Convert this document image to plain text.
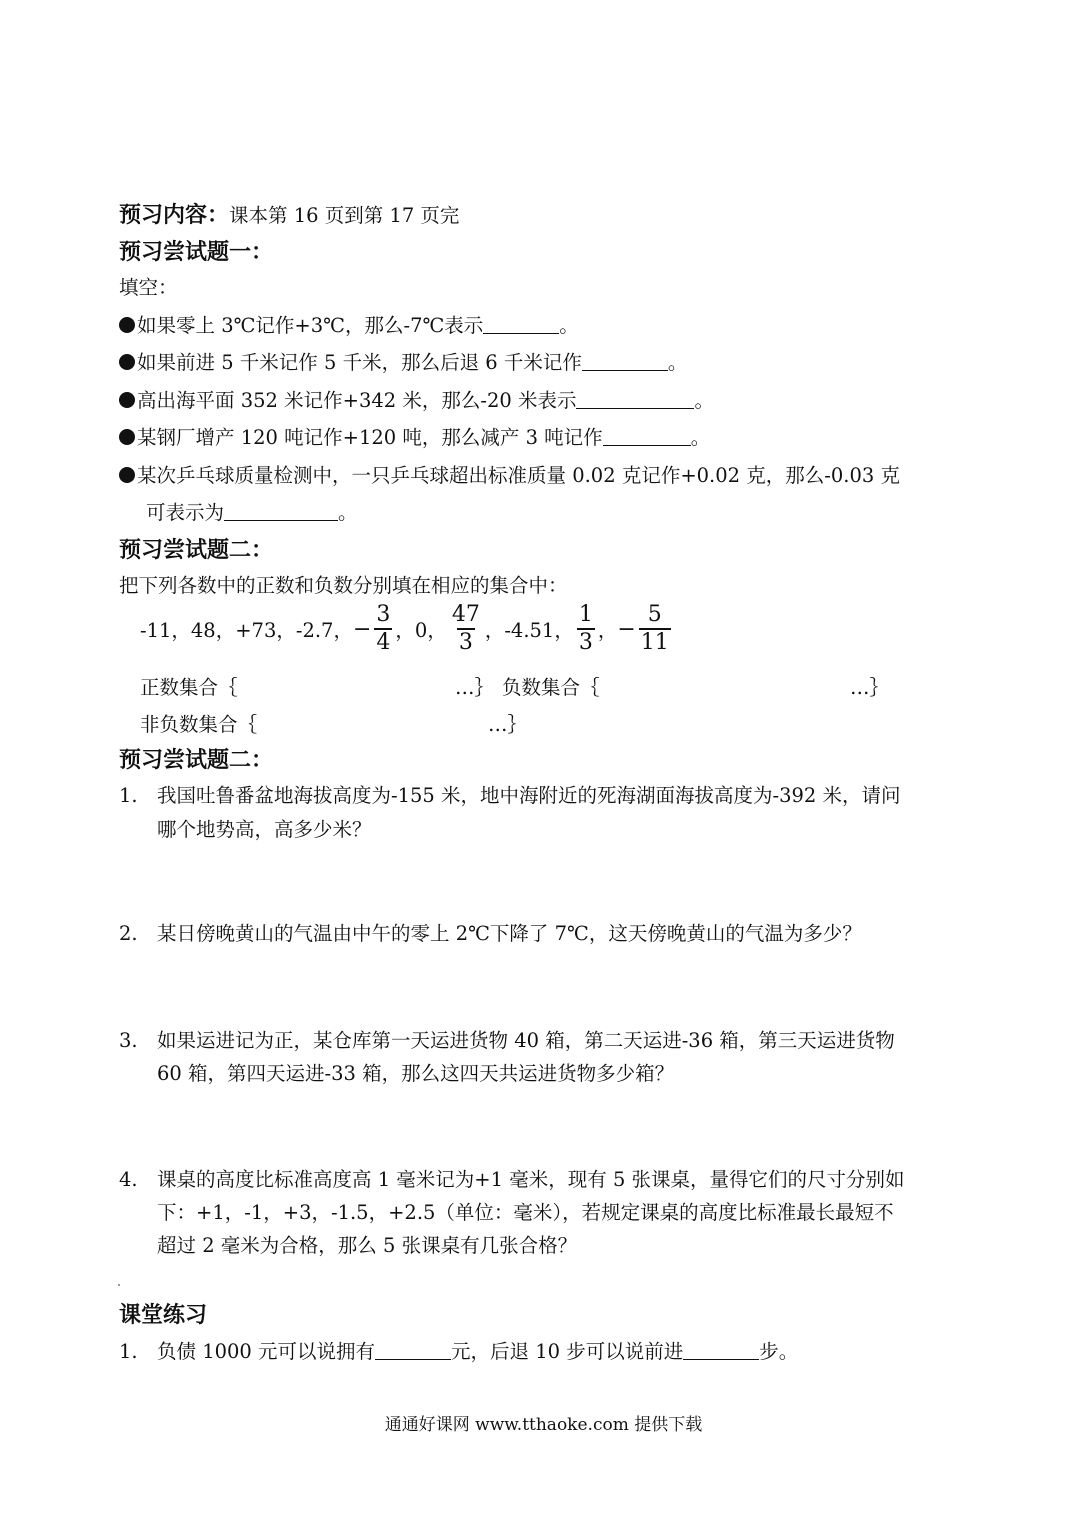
预习内容：课本第 16 页到第 17 页完
预习尝试题一：
填空：
如果零上 3℃记作+3℃，那么-7℃表示	。
如果前进 5 千米记作 5 千米，那么后退 6 千米记作	。
高出海平面 352 米记作+342 米，那么-20 米表示	。
某钢厂增产 120 吨记作+120 吨，那么减产 3 吨记作	。
某次乒乓球质量检测中，一只乒乓球超出标准质量 0.02 克记作+0.02 克，那么-0.03 克
可表示为	。
预习尝试题二：
把下列各数中的正数和负数分别填在相应的集合中：
-11，48，+73，-2.7， − $\frac{3}{4}$ ，0， $\frac{47}{3}$ ，-4.51， $\frac{1}{3}$ ， − $\frac{5}{11}$
正数集合｛	…｝ 负数集合｛	…｝
非负数集合｛	…｝
预习尝试题二：
1. 我国吐鲁番盆地海拔高度为-155 米，地中海附近的死海湖面海拔高度为-392 米，请问
哪个地势高，高多少米？
2. 某日傍晚黄山的气温由中午的零上 2℃下降了 7℃，这天傍晚黄山的气温为多少？
3. 如果运进记为正，某仓库第一天运进货物 40 箱，第二天运进-36 箱，第三天运进货物
60 箱，第四天运进-33 箱，那么这四天共运进货物多少箱？
4. 课桌的高度比标准高度高 1 毫米记为+1 毫米，现有 5 张课桌，量得它们的尺寸分别如
下：+1，-1，+3，-1.5，+2.5（单位：毫米），若规定课桌的高度比标准最长最短不
超过 2 毫米为合格，那么 5 张课桌有几张合格？
课堂练习
1. 负债 1000 元可以说拥有	元，后退 10 步可以说前进	步。
通通好课网 www.tthaoke.com 提供下载
